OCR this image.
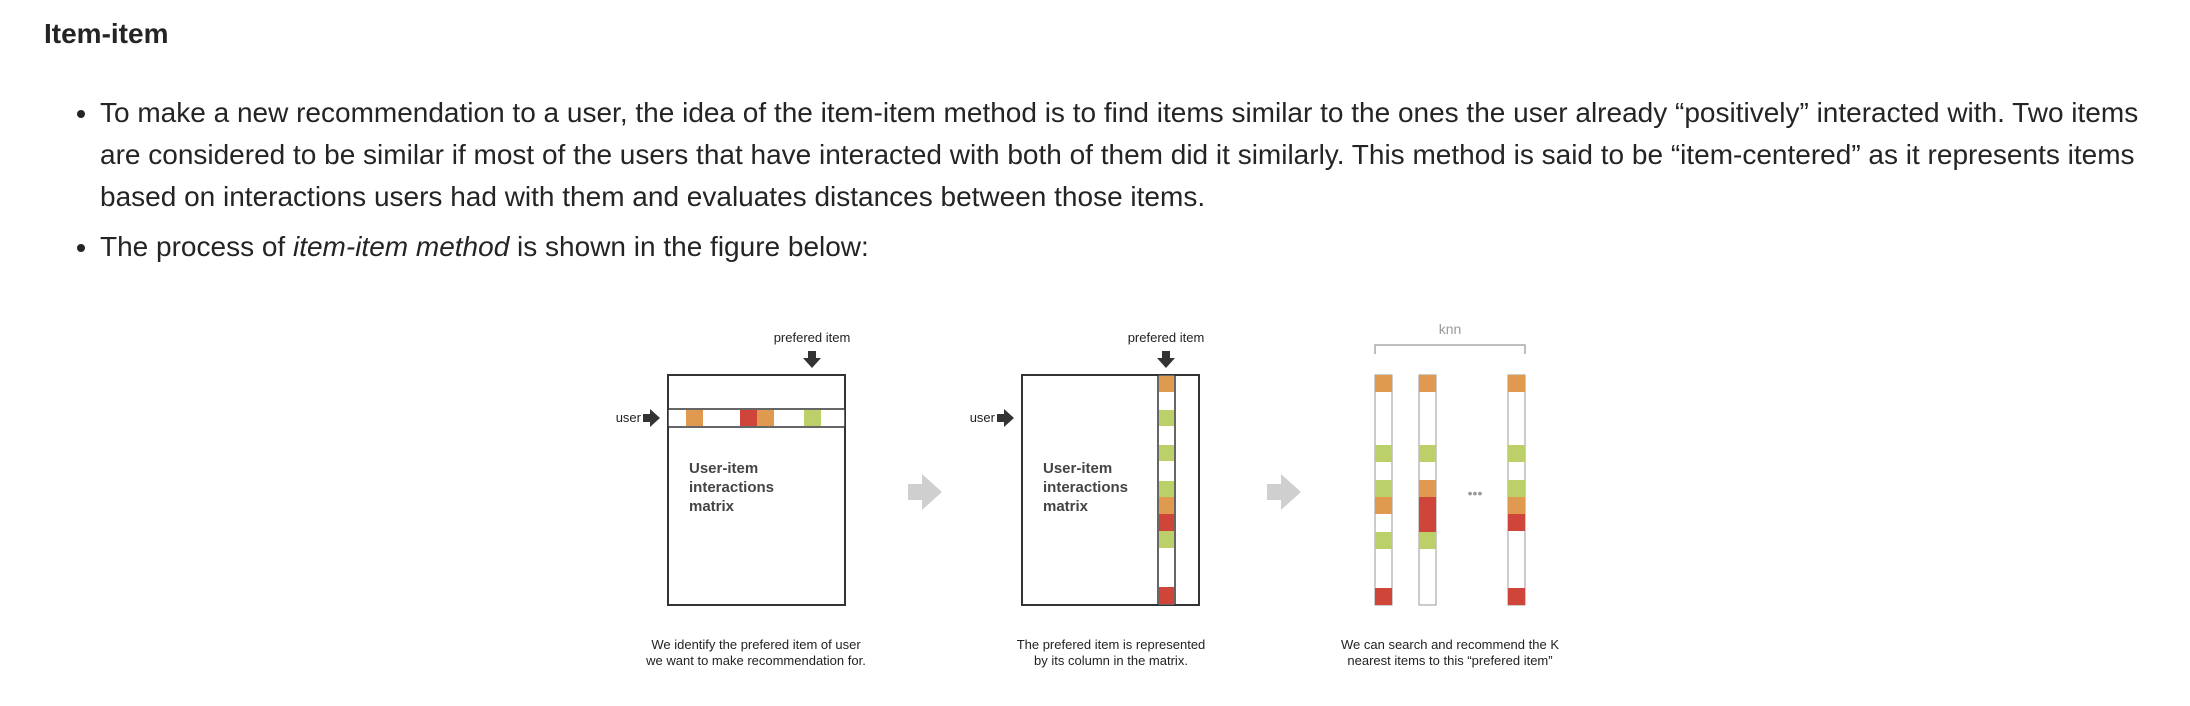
Item-item
• To make a new recommendation to a user, the idea of the item-item method is to find items similar to the ones the user already “positively” interacted with. Two items are considered to be similar if most of the users that have interacted with both of them did it similarly. This method is said to be “item-centered” as it represents items based on interactions users had with them and evaluates distances between those items.
• The process of item-item method is shown in the figure below:
prefered item
user
User-item
interactions
matrix
We identify the prefered item of user
we want to make recommendation for.
prefered item
user
User-item
interactions
matrix
The prefered item is represented
by its column in the matrix.
knn
•••
We can search and recommend the K
nearest items to this “prefered item”
